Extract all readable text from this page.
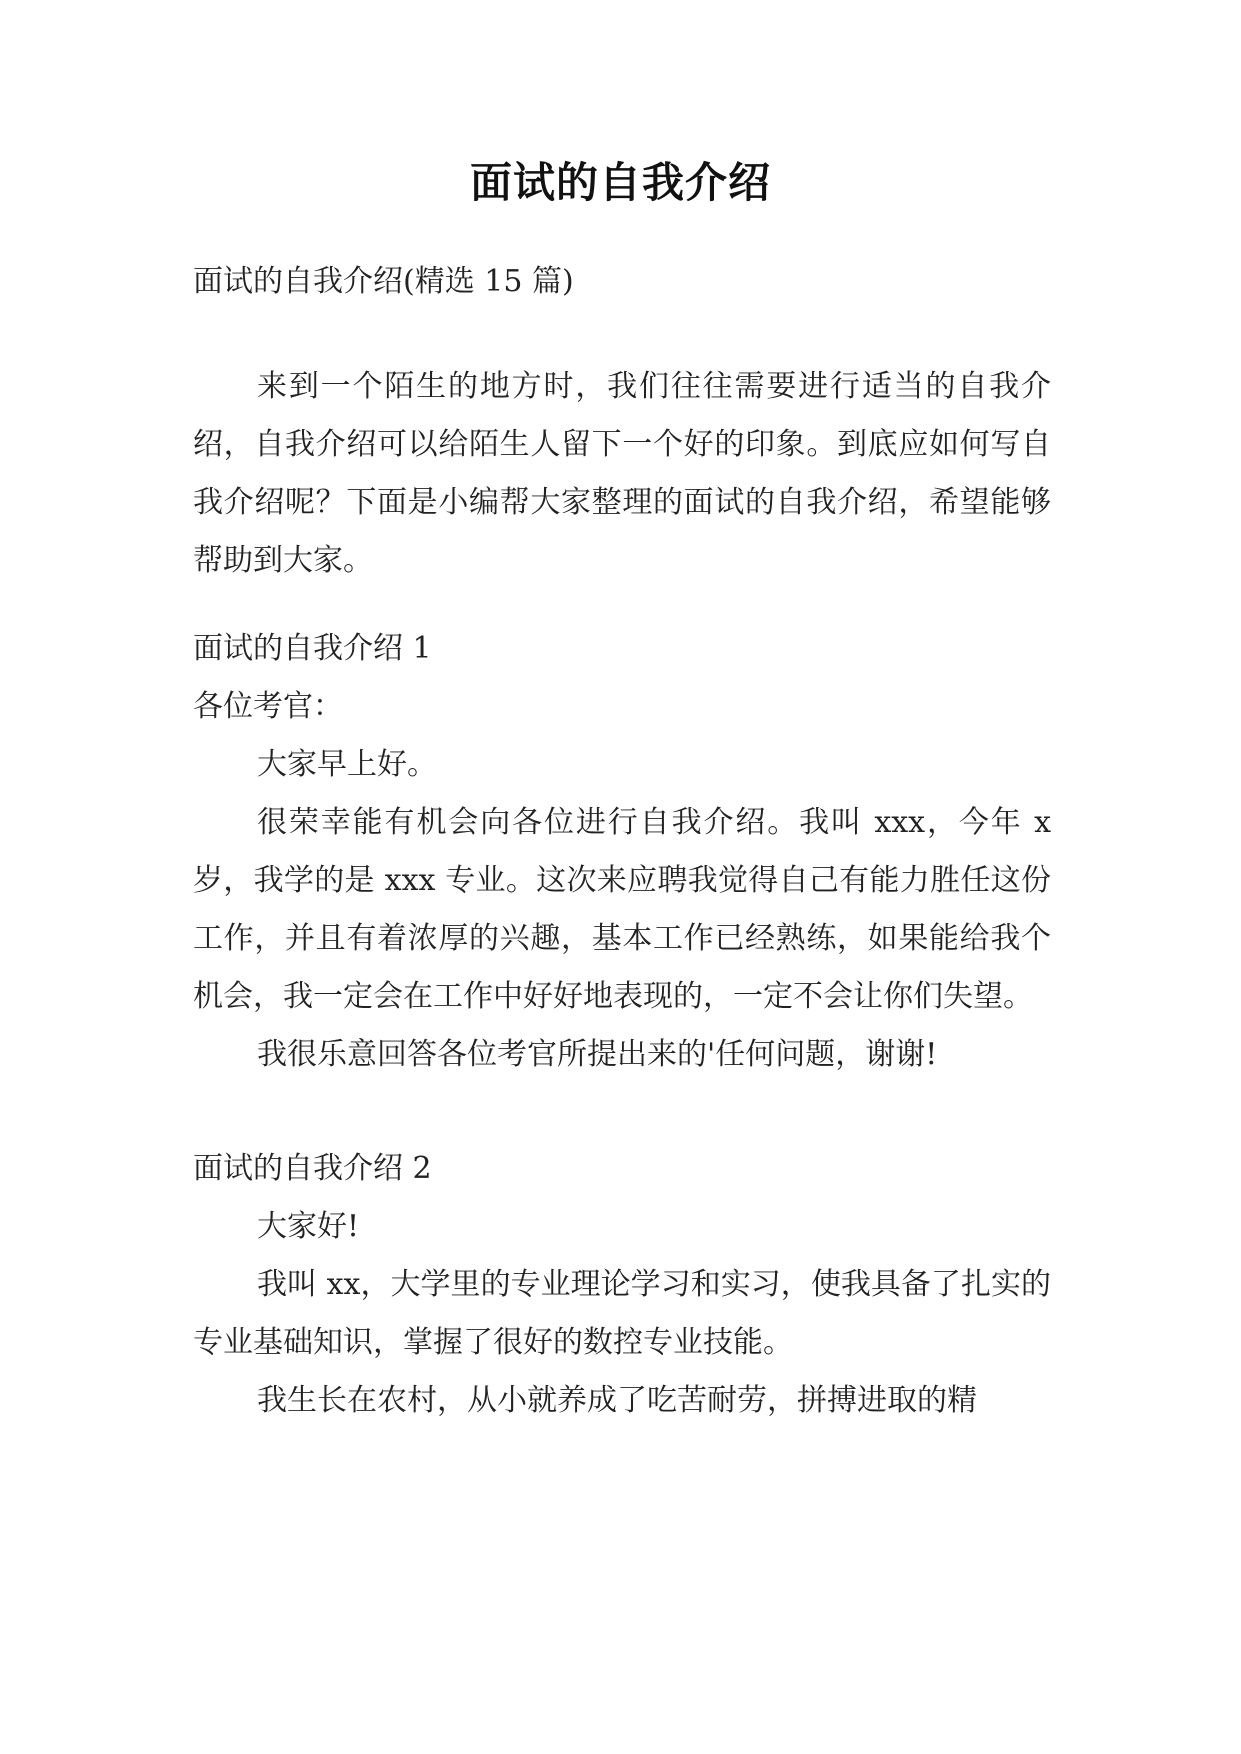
面试的自我介绍
面试的自我介绍(精选 15 篇)
来到一个陌生的地方时，我们往往需要进行适当的自我介绍，自我介绍可以给陌生人留下一个好的印象。到底应如何写自我介绍呢？下面是小编帮大家整理的面试的自我介绍，希望能够帮助到大家。
面试的自我介绍 1
各位考官：
大家早上好。
很荣幸能有机会向各位进行自我介绍。我叫 xxx，今年 x 岁，我学的是 xxx 专业。这次来应聘我觉得自己有能力胜任这份工作，并且有着浓厚的兴趣，基本工作已经熟练，如果能给我个机会，我一定会在工作中好好地表现的，一定不会让你们失望。
我很乐意回答各位考官所提出来的'任何问题，谢谢!
面试的自我介绍 2
大家好!
我叫 xx，大学里的专业理论学习和实习，使我具备了扎实的专业基础知识，掌握了很好的数控专业技能。
我生长在农村，从小就养成了吃苦耐劳，拼搏进取的精
